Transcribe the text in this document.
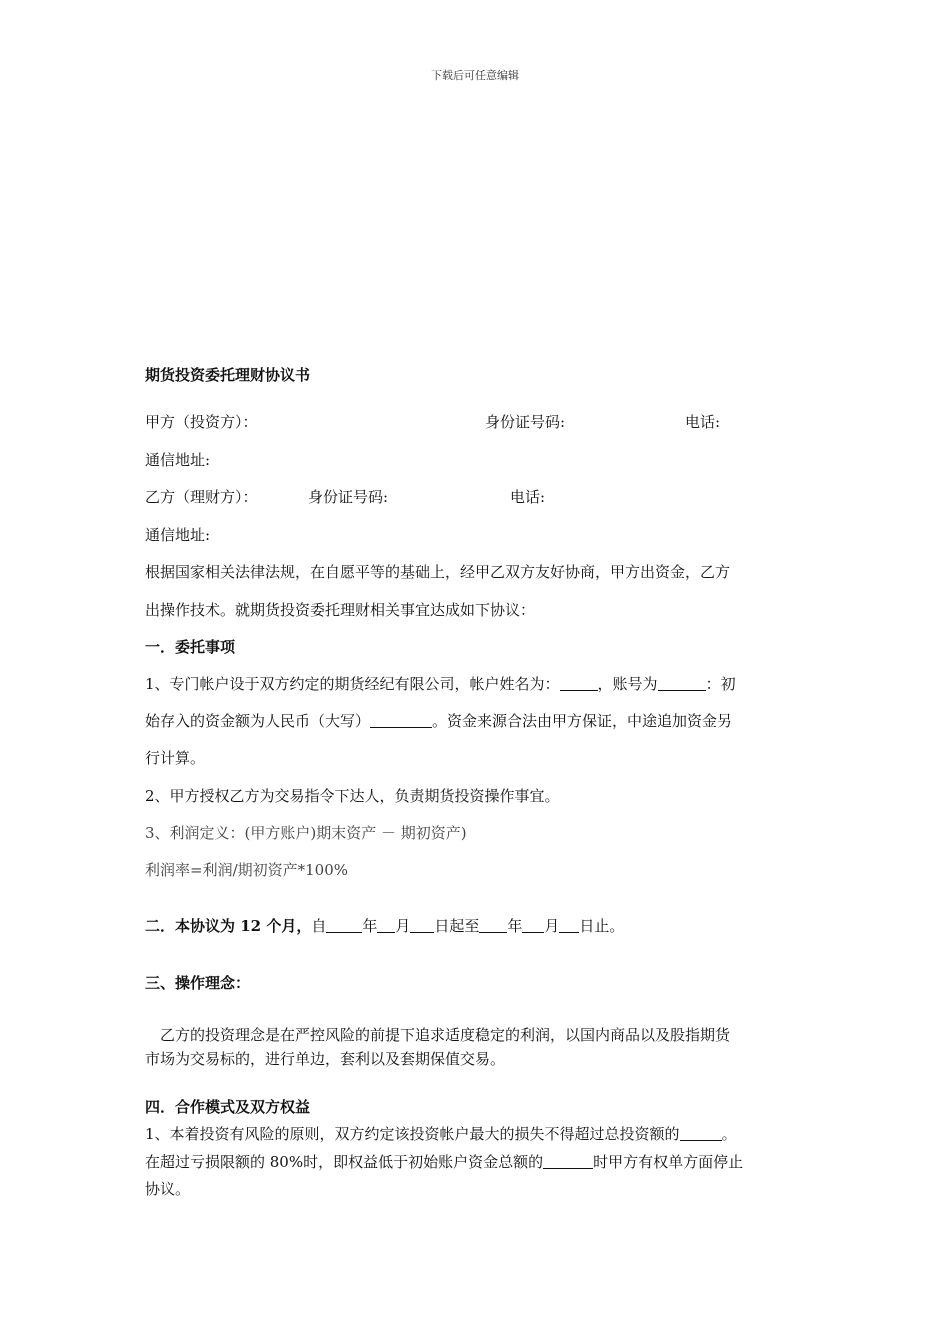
下载后可任意编辑
期货投资委托理财协议书
甲方（投资方）：	身份证号码:	电话:
通信地址:
乙方（理财方）：	身份证号码:	电话:
通信地址:
根据国家相关法律法规，在自愿平等的基础上，经甲乙双方友好协商，甲方出资金，乙方
出操作技术。就期货投资委托理财相关事宜达成如下协议：
一．委托事项
1、专门帐户设于双方约定的期货经纪有限公司，帐户姓名为：	，账号为	：初
始存入的资金额为人民币（大写）	。资金来源合法由甲方保证，中途追加资金另
行计算。
2、甲方授权乙方为交易指令下达人，负责期货投资操作事宜。
3、利润定义：(甲方账户)期末资产 － 期初资产)
利润率=利润/期初资产*100%
二．本协议为 12 个月，自 年 月 日起至 年 月 日止。
三、操作理念：
乙方的投资理念是在严控风险的前提下追求适度稳定的利润，以国内商品以及股指期货
市场为交易标的，进行单边，套利以及套期保值交易。
四．合作模式及双方权益
1、本着投资有风险的原则，双方约定该投资帐户最大的损失不得超过总投资额的	。
在超过亏损限额的 80%时，即权益低于初始账户资金总额的	时甲方有权单方面停止
协议。
